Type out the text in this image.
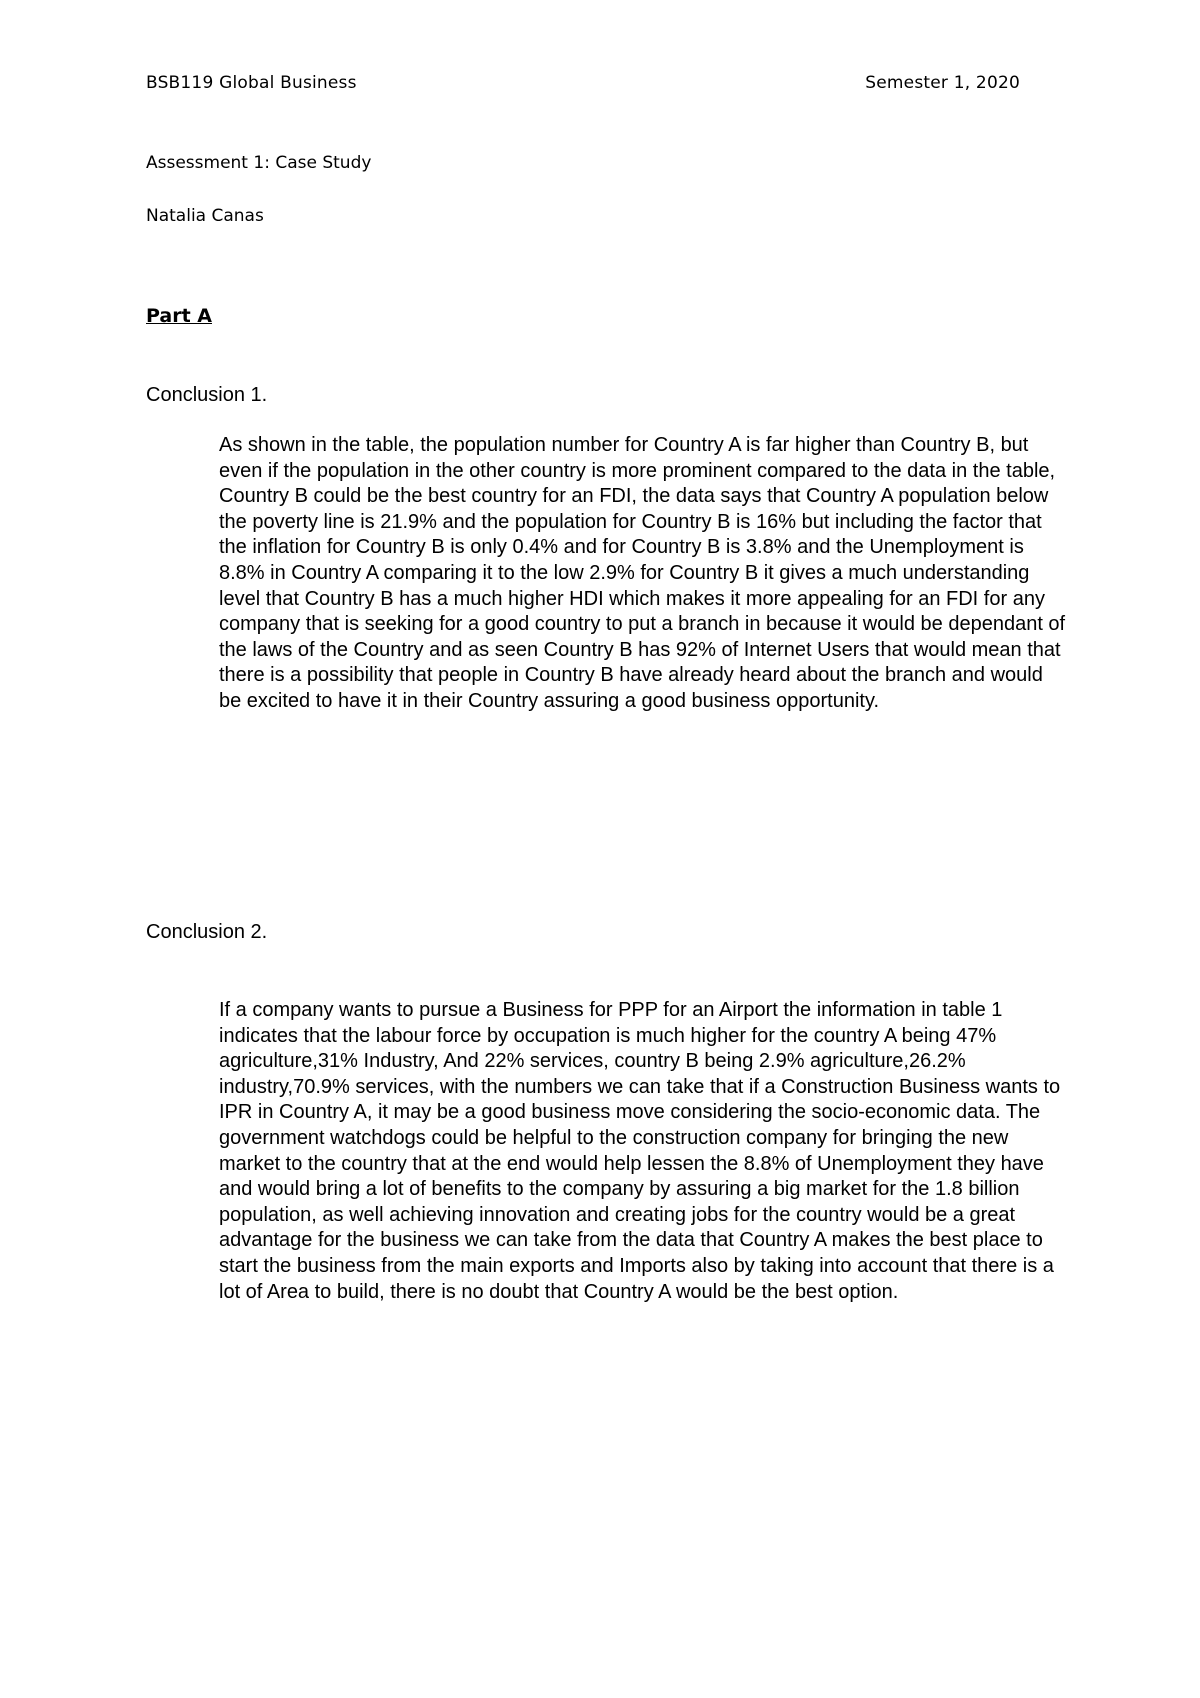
BSB119 Global Business	Semester 1, 2020
Assessment 1: Case Study
Natalia Canas
Part A
Conclusion 1.

As shown in the table, the population number for Country A is far higher than Country B, but even if the population in the other country is more prominent compared to the data in the table, Country B could be the best country for an FDI, the data says that Country A population below the poverty line is 21.9% and the population for Country B is 16% but including the factor that the inflation for Country B is only 0.4% and for Country B is 3.8% and the Unemployment is 8.8% in Country A comparing it to the low 2.9% for Country B it gives a much understanding level that Country B has a much higher HDI which makes it more appealing for an FDI for any company that is seeking for a good country to put a branch in because it would be dependant of the laws of the Country and as seen Country B has 92% of Internet Users that would mean that there is a possibility that people in Country B have already heard about the branch and would be excited to have it in their Country assuring a good business opportunity.

Conclusion 2.

If a company wants to pursue a Business for PPP for an Airport the information in table 1 indicates that the labour force by occupation is much higher for the country A being 47% agriculture,31% Industry, And 22% services, country B being 2.9% agriculture,26.2% industry,70.9% services, with the numbers we can take that if a Construction Business wants to IPR in Country A, it may be a good business move considering the socio-economic data. The government watchdogs could be helpful to the construction company for bringing the new market to the country that at the end would help lessen the 8.8% of Unemployment they have and would bring a lot of benefits to the company by assuring a big market for the 1.8 billion population, as well achieving innovation and creating jobs for the country would be a great advantage for the business we can take from the data that Country A makes the best place to start the business from the main exports and Imports also by taking into account that there is a lot of Area to build, there is no doubt that Country A would be the best option.
